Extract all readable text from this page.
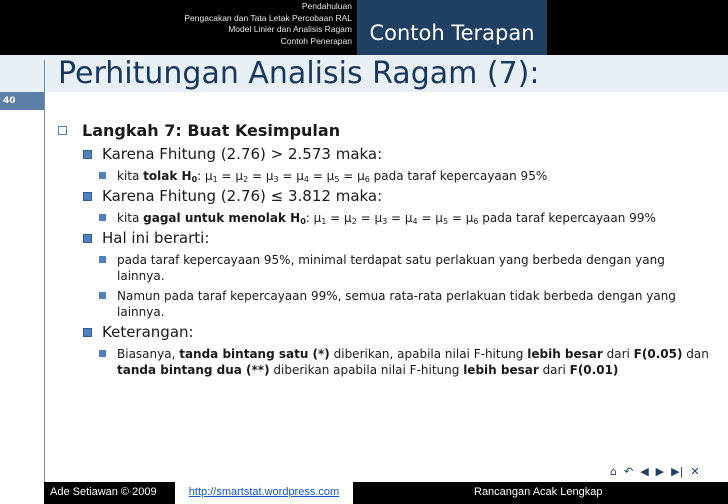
Pendahuluan
Pengacakan dan Tata Letak Percobaan RAL
Model Linier dan Analisis Ragam
Contoh Penerapan Contoh Terapan
Perhitungan Analisis Ragam (7):
40
Langkah 7: Buat Kesimpulan
Karena Fhitung (2.76) > 2.573 maka:
kita tolak $H_0$: $\mu_1 = \mu_2 = \mu_3 = \mu_4 = \mu_5 = \mu_6$ pada taraf kepercayaan 95%
Karena Fhitung (2.76) ≤ 3.812 maka:
kita gagal untuk menolak $H_0$: $\mu_1 = \mu_2 = \mu_3 = \mu_4 = \mu_5 = \mu_6$ pada taraf kepercayaan 99%
Hal ini berarti:
pada taraf kepercayaan 95%, minimal terdapat satu perlakuan yang berbeda dengan yang lainnya.
Namun pada taraf kepercayaan 99%, semua rata-rata perlakuan tidak berbeda dengan yang lainnya.
Keterangan:
Biasanya, tanda bintang satu (*) diberikan, apabila nilai F-hitung lebih besar dari F(0.05) dan tanda bintang dua (**) diberikan apabila nilai F-hitung lebih besar dari F(0.01)
⌂ ↶ ◀ ▶ ▶| ✕
Ade Setiawan © 2009	http://smartstat.wordpress.com	Rancangan Acak Lengkap
